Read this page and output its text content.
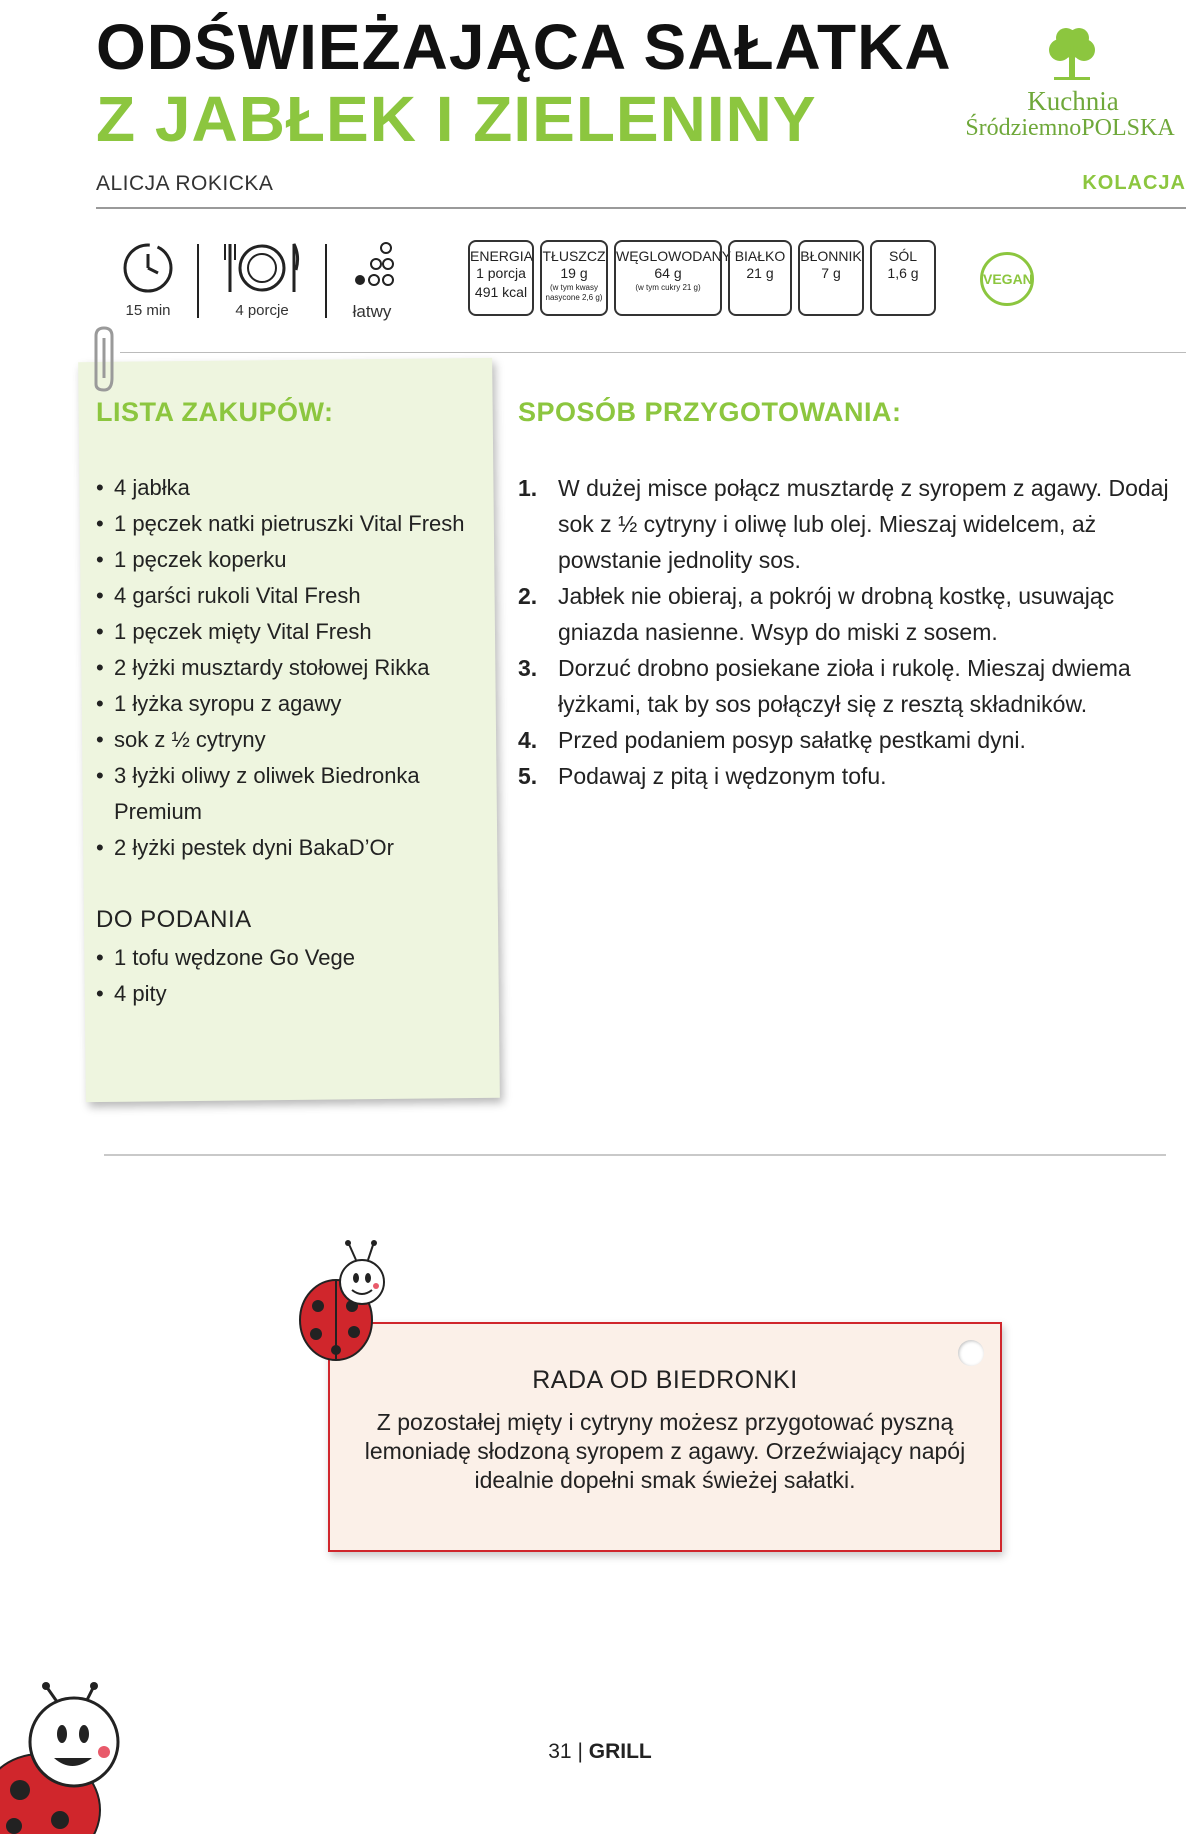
ODŚWIEŻAJĄCA SAŁATKA
Z JABŁEK I ZIELENINY	Kuchnia
ŚródziemnoPOLSKA
ALICJA ROKICKA	KOLACJA
15 min	4 porcje	łatwy
ENERGIA
1 porcja
491 kcal
TŁUSZCZ
19 g
(w tym kwasy nasycone 2,6 g)
WĘGLOWODANY
64 g
(w tym cukry 21 g)
BIAŁKO
21 g
BŁONNIK
7 g
SÓL
1,6 g	VEGAN
LISTA ZAKUPÓW:
• 4 jabłka
• 1 pęczek natki pietruszki Vital Fresh
• 1 pęczek koperku
• 4 garści rukoli Vital Fresh
• 1 pęczek mięty Vital Fresh
• 2 łyżki musztardy stołowej Rikka
• 1 łyżka syropu z agawy
• sok z ½ cytryny
• 3 łyżki oliwy z oliwek Biedronka Premium
• 2 łyżki pestek dyni BakaD’Or
DO PODANIA
• 1 tofu wędzone Go Vege
• 4 pity
SPOSÓB PRZYGOTOWANIA:
1. W dużej misce połącz musztardę z syropem z agawy. Dodaj sok z ½ cytryny i oliwę lub olej. Mieszaj widelcem, aż powstanie jednolity sos.
2. Jabłek nie obieraj, a pokrój w drobną kostkę, usuwając gniazda nasienne. Wsyp do miski z sosem.
3. Dorzuć drobno posiekane zioła i rukolę. Mieszaj dwiema łyżkami, tak by sos połączył się z resztą składników.
4. Przed podaniem posyp sałatkę pestkami dyni.
5. Podawaj z pitą i wędzonym tofu.
RADA OD BIEDRONKI
Z pozostałej mięty i cytryny możesz przygotować pyszną lemoniadę słodzoną syropem z agawy. Orzeźwiający napój idealnie dopełni smak świeżej sałatki.
31 | GRILL
